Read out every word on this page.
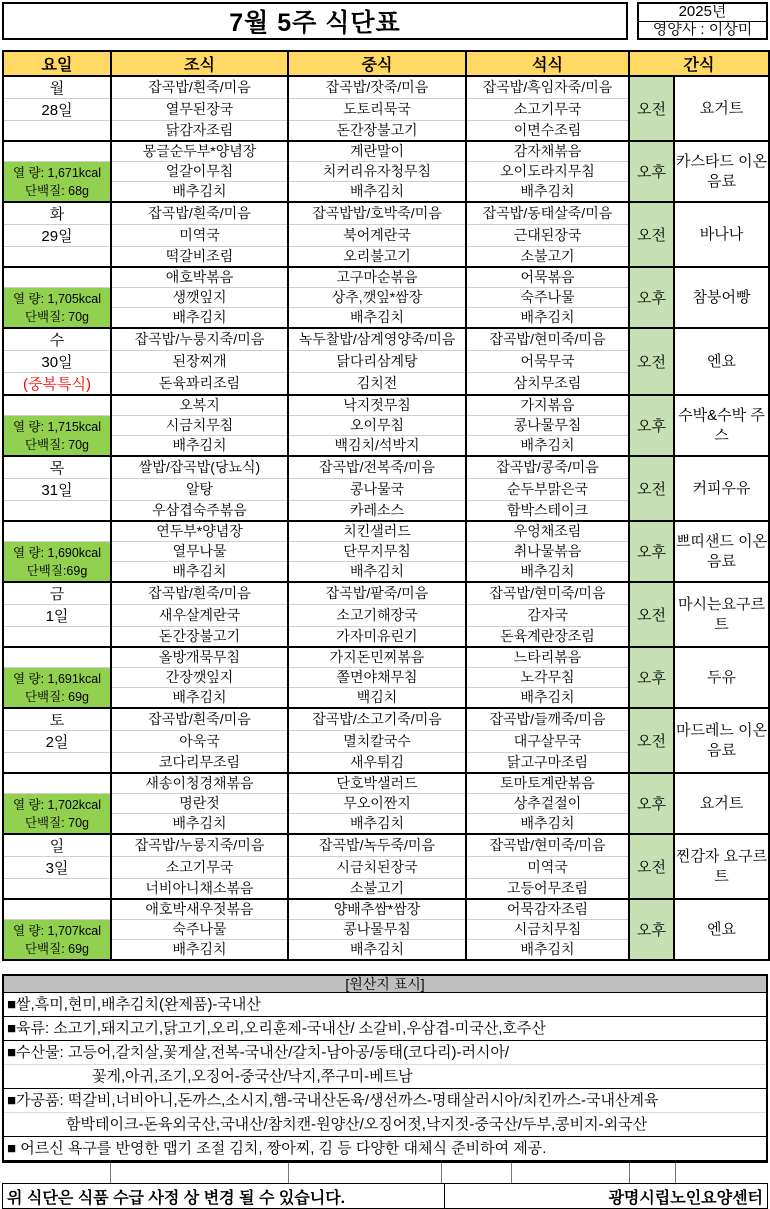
7월 5주 식단표	2025년
영양사 : 이상미
요일	조식	중식	석식	간식	
월	잡곡밥/흰죽/미음	잡곡밥/잣죽/미음	잡곡밥/흑임자죽/미음	오전	요거트
28일	열무된장국	도토리묵국	소고기무국		
	닭감자조림	돈간장불고기	이면수조림		
	몽글순두부*양념장	계란말이	감자채볶음	오후	카스타드 이온음료

열 량: 1,671kcal
단백질: 68g	얼갈이무침	치커리유자청무침	오이도라지무침		
	배추김치	배추김치	배추김치		
화	잡곡밥/흰죽/미음	잡곡밥밥/호박죽/미음	잡곡밥/동태살죽/미음	오전	바나나
29일	미역국	북어계란국	근대된장국		
	떡갈비조림	오리불고기	소불고기		
	애호박볶음	고구마순볶음	어묵볶음	오후	참붕어빵

열 량: 1,705kcal
단백질: 70g	생깻잎지	상추,깻잎*쌈장	숙주나물		
	배추김치	배추김치	배추김치		
수	잡곡밥/누룽지죽/미음	녹두찰밥/삼계영양죽/미음	잡곡밥/현미죽/미음	오전	엔요
30일	된장찌개	닭다리삼계탕	어묵무국		
(중복특식)	돈육꽈리조림	김치전	삼치무조림		
	오복지	낙지젓무침	가지볶음	오후	수박&수박 주스

열 량: 1,715kcal
단백질: 70g	시금치무침	오이무침	콩나물무침		
	배추김치	백김치/석박지	배추김치		
목	쌀밥/잡곡밥(당뇨식)	잡곡밥/전복죽/미음	잡곡밥/콩죽/미음	오전	커피우유
31일	알탕	콩나물국	순두부맑은국		
	우삼겹숙주볶음	카레소스	함박스테이크		
	연두부*양념장	치킨샐러드	우엉채조림	오후	쁘띠샌드 이온음료

열 량: 1,690kcal
단백질:69g	열무나물	단무지무침	취나물볶음		
	배추김치	배추김치	배추김치		
금	잡곡밥/흰죽/미음	잡곡밥/팥죽/미음	잡곡밥/현미죽/미음	오전	마시는요구르트
1일	새우살계란국	소고기해장국	감자국		
	돈간장불고기	가자미유린기	돈육계란장조림		
	올방개묵무침	가지돈민찌볶음	느타리볶음	오후	두유

열 량: 1,691kcal
단백질: 69g	간장깻잎지	쫄면야채무침	노각무침		
	배추김치	백김치	배추김치		
토	잡곡밥/흰죽/미음	잡곡밥/소고기죽/미음	잡곡밥/들깨죽/미음	오전	마드레느 이온음료
2일	아욱국	멸치칼국수	대구살무국		
	코다리무조림	새우튀김	닭고구마조림		
	새송이청경채볶음	단호박샐러드	토마토계란볶음	오후	요거트

열 량: 1,702kcal
단백질: 70g	명란젓	무오이짠지	상추겉절이		
	배추김치	배추김치	배추김치		
일	잡곡밥/누룽지죽/미음	잡곡밥/녹두죽/미음	잡곡밥/현미죽/미음	오전	찐감자 요구르트
3일	소고기무국	시금치된장국	미역국		
	너비아니채소볶음	소불고기	고등어무조림		
	애호박새우젓볶음	양배추쌈*쌈장	어묵감자조림	오후	엔요

열 량: 1,707kcal
단백질: 69g	숙주나물	콩나물무침	시금치무침		
	배추김치	배추김치	배추김치		
[원산지 표시]
■쌀,흑미,현미,배추김치(완제품)-국내산
■육류: 소고기,돼지고기,닭고기,오리,오리훈제-국내산/ 소갈비,우삼겹-미국산,호주산
■수산물: 고등어,갈치살,꽃게살,전복-국내산/갈치-남아공/동태(코다리)-러시아/
꽃게,아귀,조기,오징어-중국산/낙지,쭈구미-베트남
■가공품: 떡갈비,너비아니,돈까스,소시지,햄-국내산돈육/생선까스-명태살러시아/치킨까스-국내산계육
함박테이크-돈육외국산,국내산/참치캔-원양산/오징어젓,낙지젓-중국산/두부,콩비지-외국산
■ 어르신 욕구를 반영한 맵기 조절 김치, 짱아찌, 김 등 다양한 대체식 준비하여 제공.
위 식단은 식품 수급 사정 상 변경 될 수 있습니다.	광명시립노인요양센터
